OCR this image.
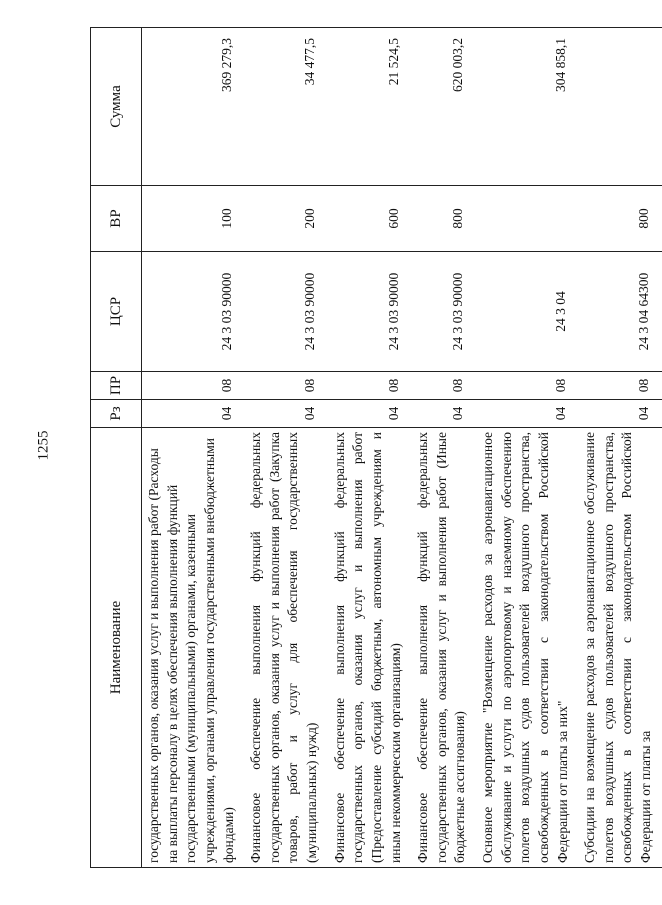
1255
Наименование	Рз	ПР	ЦСР	ВР	Сумма
государственных органов, оказания услуг и выполнения работ (Расходы на выплаты персоналу в целях обеспечения выполнения функций государственными (муниципальными) органами, казенными учреждениями, органами управления государственными внебюджетными фондами)	04	08	24 3 03 90000	100	369 279,3
Финансовое обеспечение выполнения функций федеральных государственных органов, оказания услуг и выполнения работ (Закупка товаров, работ и услуг для обеспечения государственных (муниципальных) нужд)	04	08	24 3 03 90000	200	34 477,5
Финансовое обеспечение выполнения функций федеральных государственных органов, оказания услуг и выполнения работ (Предоставление субсидий бюджетным, автономным учреждениям и иным некоммерческим организациям)	04	08	24 3 03 90000	600	21 524,5
Финансовое обеспечение выполнения функций федеральных государственных органов, оказания услуг и выполнения работ (Иные бюджетные ассигнования)	04	08	24 3 03 90000	800	620 003,2
Основное мероприятие "Возмещение расходов за аэронавигационное обслуживание и услуги по аэропортовому и наземному обеспечению полетов воздушных судов пользователей воздушного пространства, освобожденных в соответствии с законодательством Российской Федерации от платы за них"	04	08	24 3 04		304 858,1
Субсидии на возмещение расходов за аэронавигационное обслуживание полетов воздушных судов пользователей воздушного пространства, освобожденных в соответствии с законодательством Российской Федерации от платы за	04	08	24 3 04 64300	800	
